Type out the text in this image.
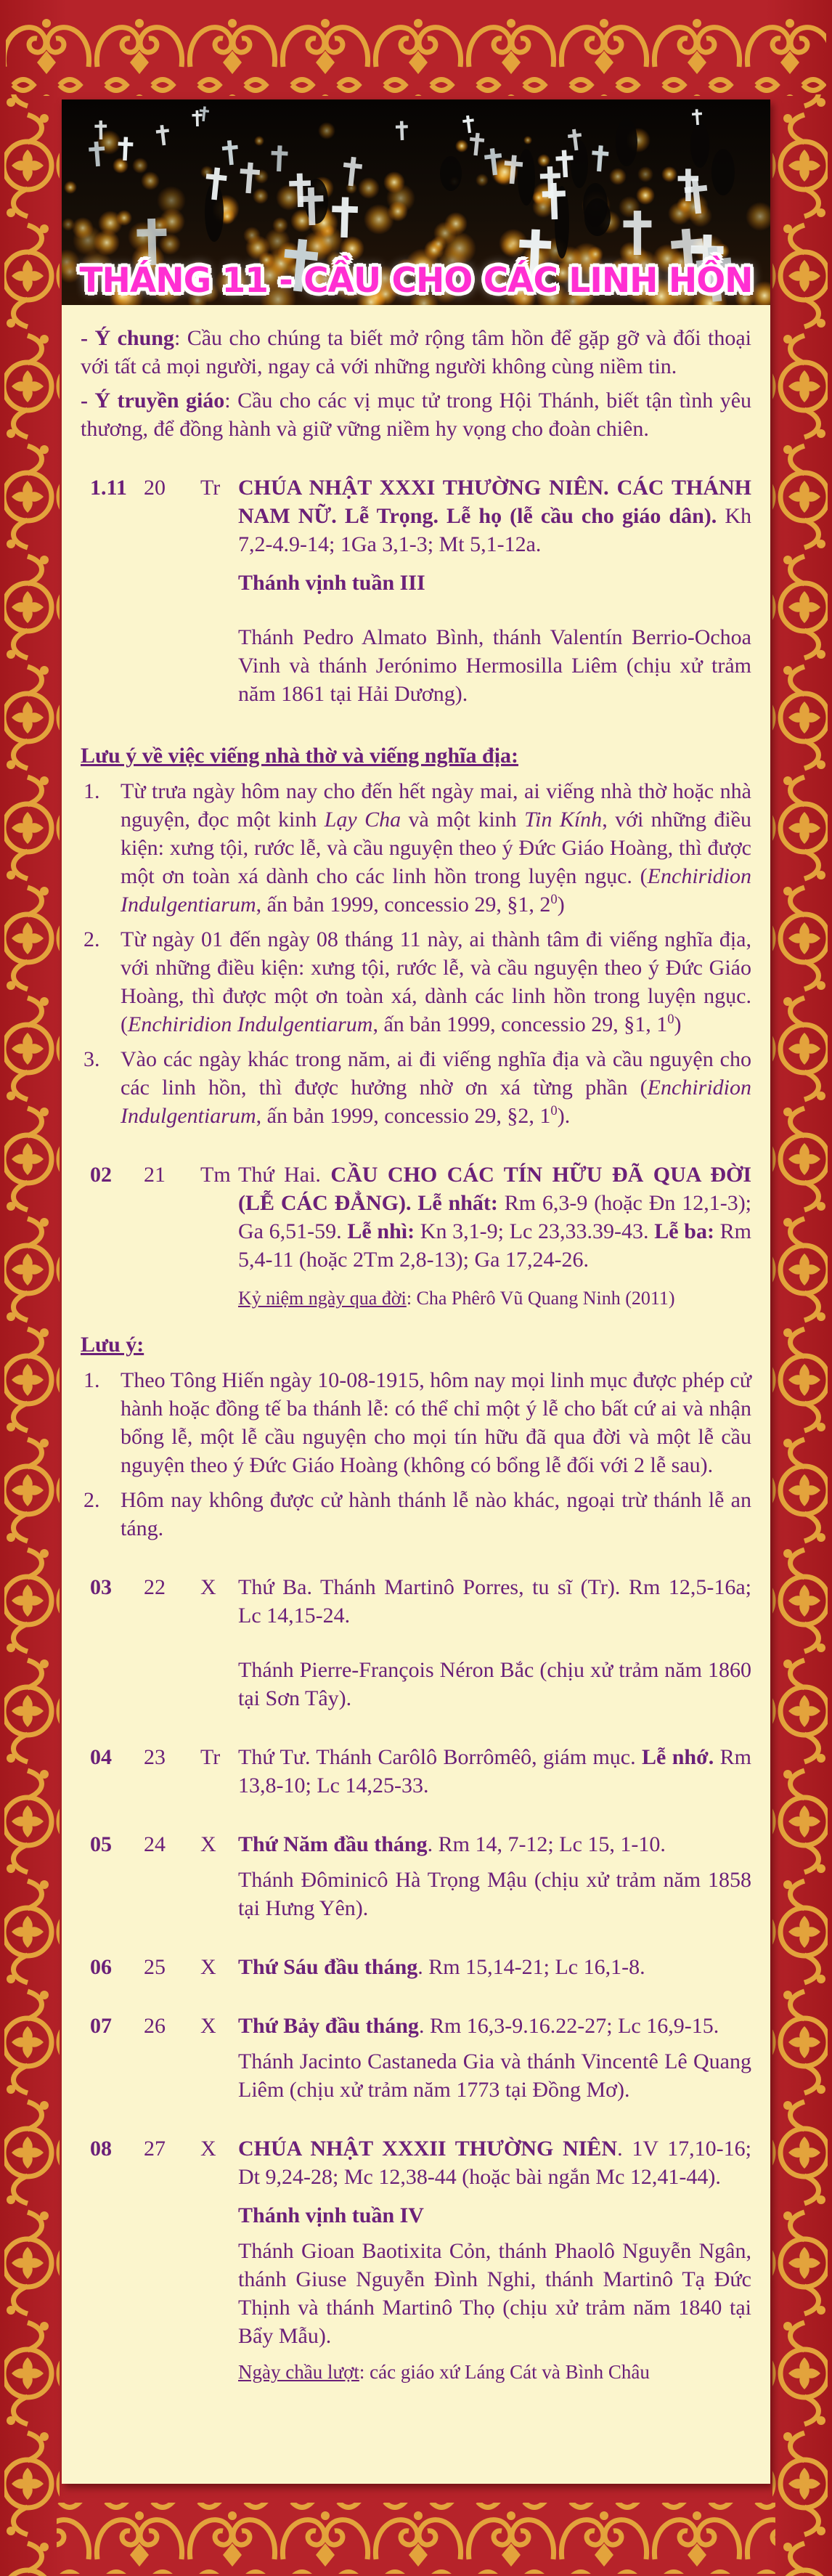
THÁNG 11 - CẦU CHO CÁC LINH HỒN

- Ý chung: Cầu cho chúng ta biết mở rộng tâm hồn để gặp gỡ và đối thoại với tất cả mọi người, ngay cả với những người không cùng niềm tin.

- Ý truyền giáo: Cầu cho các vị mục tử trong Hội Thánh, biết tận tình yêu thương, để đồng hành và giữ vững niềm hy vọng cho đoàn chiên.

1.11 20	Tr CHÚA NHẬT XXXI THƯỜNG NIÊN. CÁC THÁNH NAM NỮ. Lễ Trọng. Lễ họ (lễ cầu cho giáo dân). Kh 7,2-4.9-14; 1Ga 3,1-3; Mt 5,1-12a.
Thánh vịnh tuần III
Thánh Pedro Almato Bình, thánh Valentín Berrio-Ochoa Vinh và thánh Jerónimo Hermosilla Liêm (chịu xử trảm năm 1861 tại Hải Dương).
Lưu ý về việc viếng nhà thờ và viếng nghĩa địa:
Từ trưa ngày hôm nay cho đến hết ngày mai, ai viếng nhà thờ hoặc nhà nguyện, đọc một kinh Lạy Cha và một kinh Tin Kính, với những điều kiện: xưng tội, rước lễ, và cầu nguyện theo ý Đức Giáo Hoàng, thì được một ơn toàn xá dành cho các linh hồn trong luyện ngục. (Enchiridion Indulgentiarum, ấn bản 1999, concessio 29, §1, $2^0$)
Từ ngày 01 đến ngày 08 tháng 11 này, ai thành tâm đi viếng nghĩa địa, với những điều kiện: xưng tội, rước lễ, và cầu nguyện theo ý Đức Giáo Hoàng, thì được một ơn toàn xá, dành các linh hồn trong luyện ngục. (Enchiridion Indulgentiarum, ấn bản 1999, concessio 29, §1, $1^0$)
Vào các ngày khác trong năm, ai đi viếng nghĩa địa và cầu nguyện cho các linh hồn, thì được hưởng nhờ ơn xá từng phần (Enchiridion Indulgentiarum, ấn bản 1999, concessio 29, §2, $1^0$).
02	21	Tm Thứ Hai. CẦU CHO CÁC TÍN HỮU ĐÃ QUA ĐỜI (LỄ CÁC ĐẲNG). Lễ nhất: Rm 6,3-9 (hoặc Đn 12,1-3); Ga 6,51-59. Lễ nhì: Kn 3,1-9; Lc 23,33.39-43. Lễ ba: Rm 5,4-11 (hoặc 2Tm 2,8-13); Ga 17,24-26.
Kỷ niệm ngày qua đời: Cha Phêrô Vũ Quang Ninh (2011)
Lưu ý:
Theo Tông Hiến ngày 10-08-1915, hôm nay mọi linh mục được phép cử hành hoặc đồng tế ba thánh lễ: có thể chỉ một ý lễ cho bất cứ ai và nhận bổng lễ, một lễ cầu nguyện cho mọi tín hữu đã qua đời và một lễ cầu nguyện theo ý Đức Giáo Hoàng (không có bổng lễ đối với 2 lễ sau).
Hôm nay không được cử hành thánh lễ nào khác, ngoại trừ thánh lễ an táng.
03	22	X	Thứ Ba. Thánh Martinô Porres, tu sĩ (Tr). Rm 12,5-16a; Lc 14,15-24.
Thánh Pierre-François Néron Bắc (chịu xử trảm năm 1860 tại Sơn Tây).
04	23	Tr Thứ Tư. Thánh Carôlô Borrômêô, giám mục. Lễ nhớ. Rm 13,8-10; Lc 14,25-33.
05	24	X	Thứ Năm đầu tháng. Rm 14, 7-12; Lc 15, 1-10.
Thánh Đôminicô Hà Trọng Mậu (chịu xử trảm năm 1858 tại Hưng Yên).
06	25	X	Thứ Sáu đầu tháng. Rm 15,14-21; Lc 16,1-8.
07	26	X	Thứ Bảy đầu tháng. Rm 16,3-9.16.22-27; Lc 16,9-15.
Thánh Jacinto Castaneda Gia và thánh Vincentê Lê Quang Liêm (chịu xử trảm năm 1773 tại Đồng Mơ).
08	27	X	CHÚA NHẬT XXXII THƯỜNG NIÊN. 1V 17,10-16; Dt 9,24-28; Mc 12,38-44 (hoặc bài ngắn Mc 12,41-44).
Thánh vịnh tuần IV
Thánh Gioan Baotixita Cỏn, thánh Phaolô Nguyễn Ngân, thánh Giuse Nguyễn Đình Nghi, thánh Martinô Tạ Đức Thịnh và thánh Martinô Thọ (chịu xử trảm năm 1840 tại Bẩy Mẫu).
Ngày chầu lượt: các giáo xứ Láng Cát và Bình Châu
